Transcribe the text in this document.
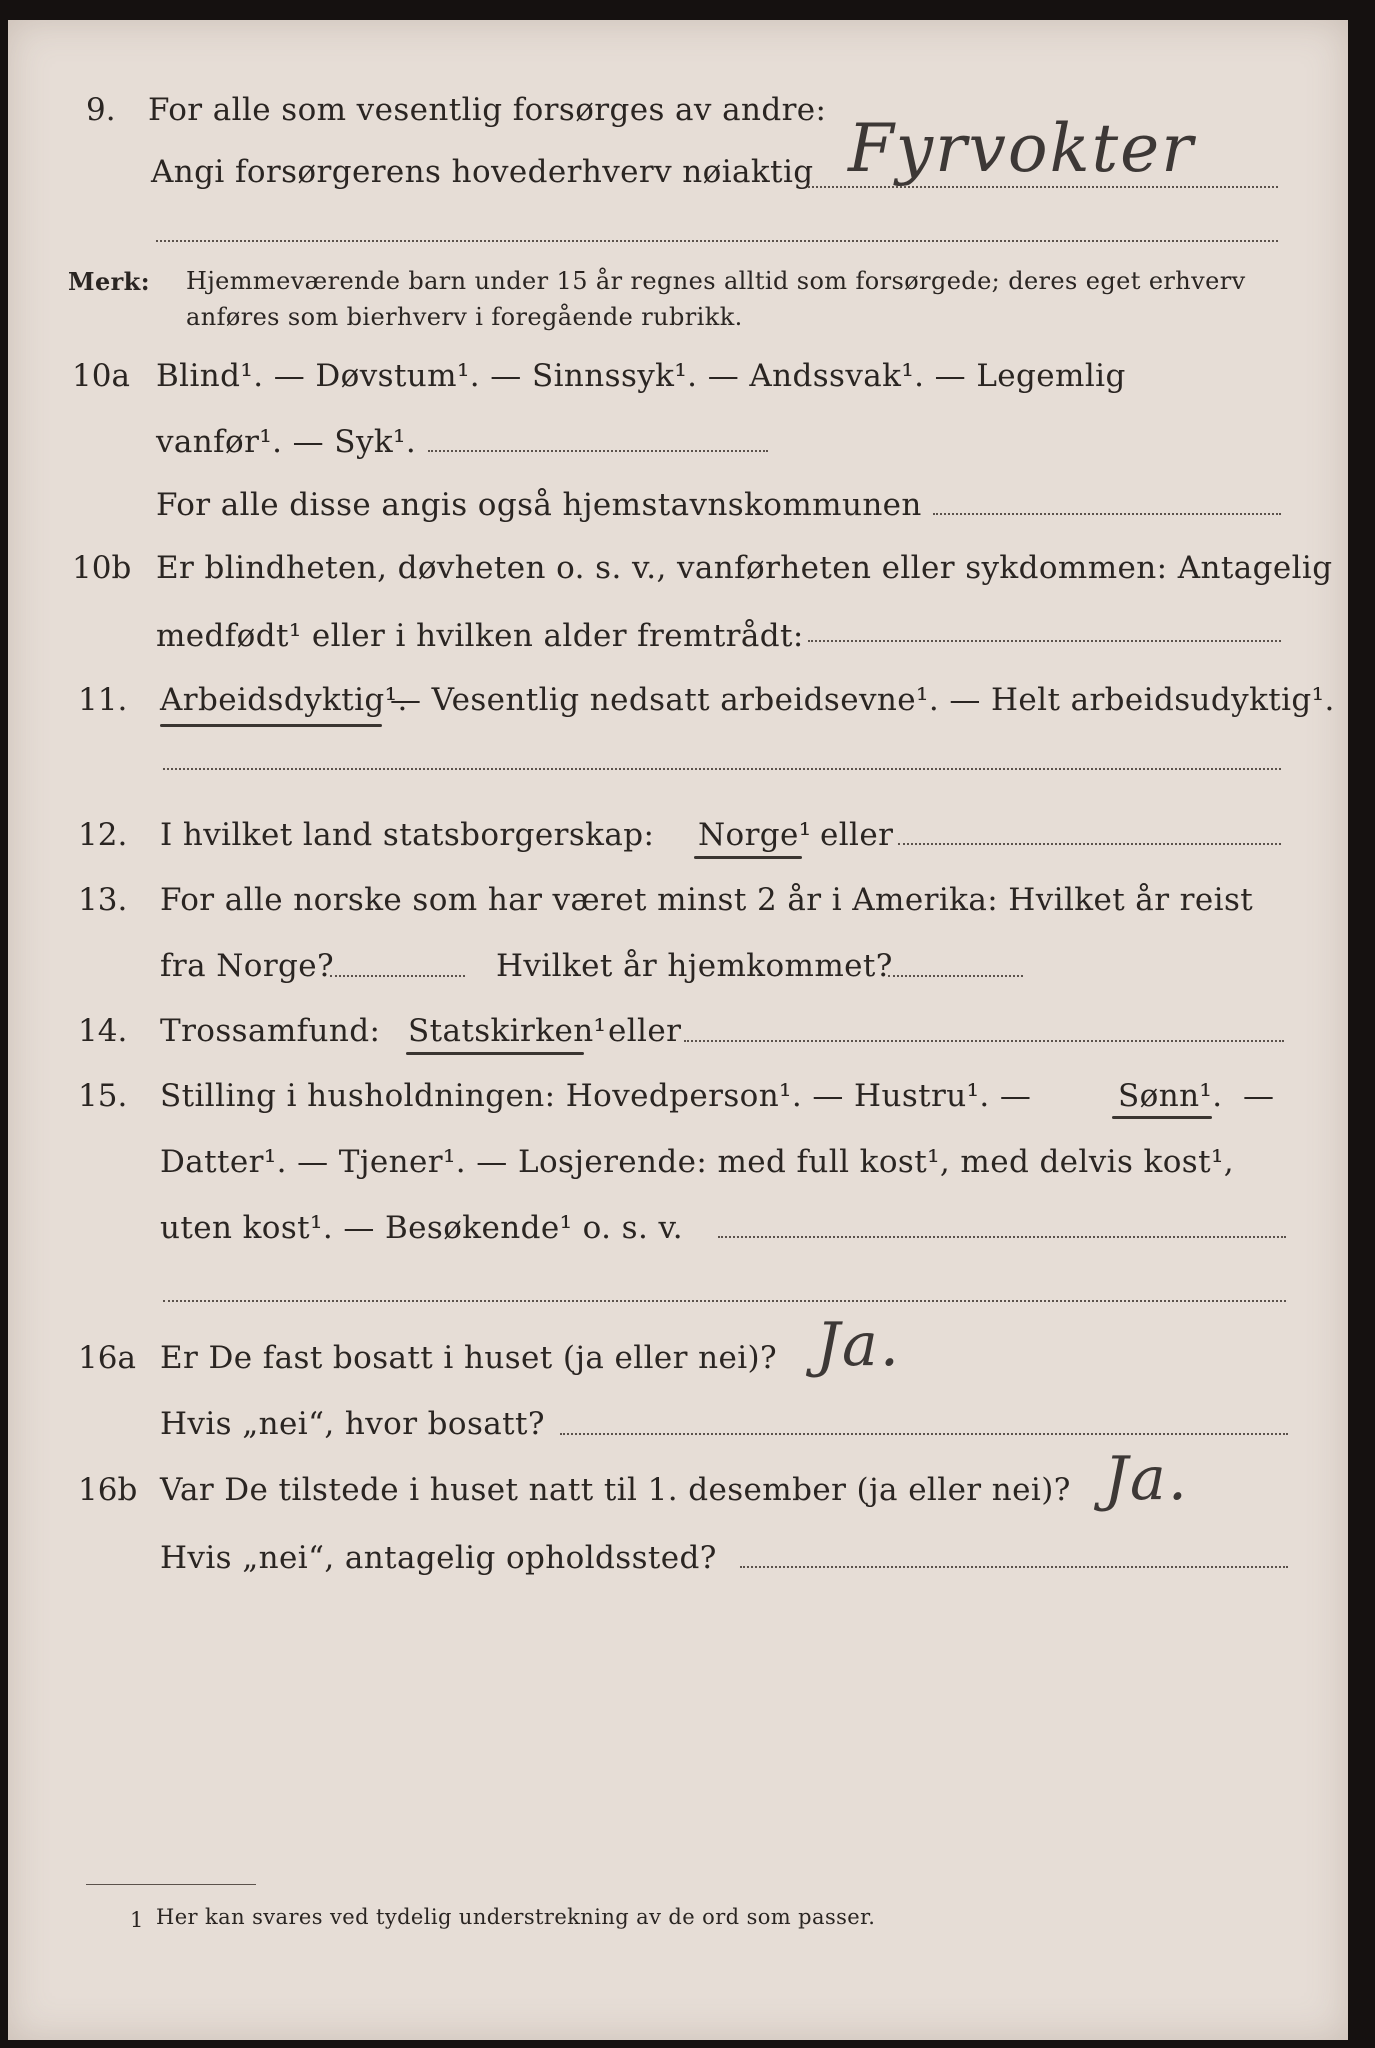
9. For alle som vesentlig forsørges av andre:
Angi forsørgerens hovederhverv nøiaktig Fyrvokter
Merk: Hjemmeværende barn under 15 år regnes alltid som forsørgede; deres eget erhverv
anføres som bierhverv i foregående rubrikk.
10a Blind¹. — Døvstum¹. — Sinnssyk¹. — Andssvak¹. — Legemlig
vanfør¹. — Syk¹.
For alle disse angis også hjemstavnskommunen
10b Er blindheten, døvheten o. s. v., vanførheten eller sykdommen: Antagelig
medfødt¹ eller i hvilken alder fremtrådt:
11. Arbeidsdyktig¹.
— Vesentlig nedsatt arbeidsevne¹. — Helt arbeidsudyktig¹.
12. I hvilket land statsborgerskap: Norge¹ eller
13. For alle norske som har været minst 2 år i Amerika: Hvilket år reist
fra Norge?	Hvilket år hjemkommet?
14. Trossamfund: Statskirken¹ eller
15. Stilling i husholdningen: Hovedperson¹. — Hustru¹. —	Sønn¹. —
Datter¹. — Tjener¹. — Losjerende: med full kost¹, med delvis kost¹,
uten kost¹. — Besøkende¹ o. s. v.
16a Er De fast bosatt i huset (ja eller nei)? Ja.
Hvis „nei“, hvor bosatt?
16b Var De tilstede i huset natt til 1. desember (ja eller nei)? Ja.
Hvis „nei“, antagelig opholdssted?
1 Her kan svares ved tydelig understrekning av de ord som passer.
